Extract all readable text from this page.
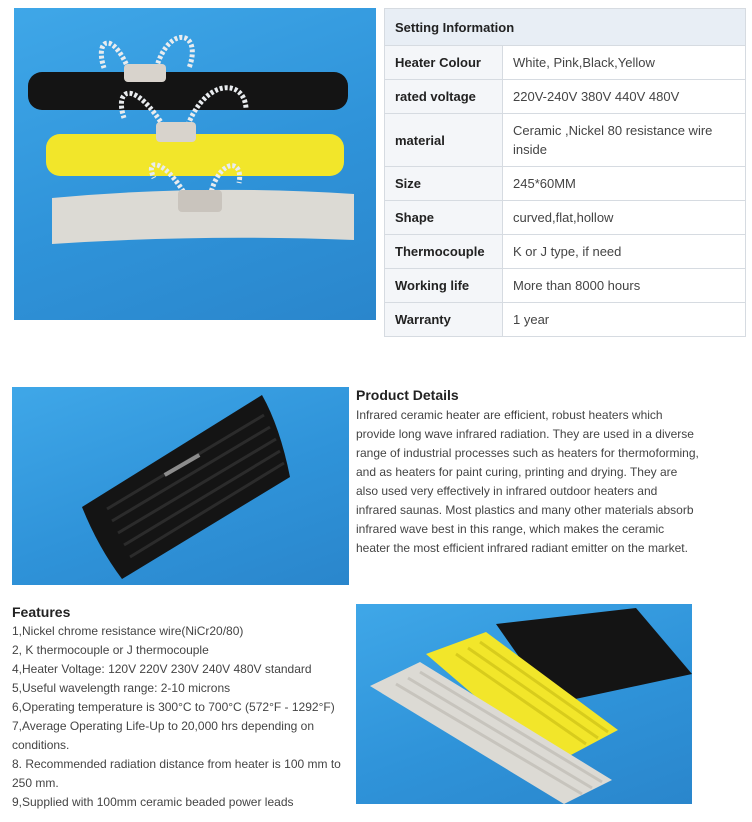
Setting Information	
Heater Colour	White, Pink,Black,Yellow
rated voltage	220V-240V 380V 440V 480V
material	Ceramic ,Nickel 80 resistance wire inside
Size	245*60MM
Shape	curved,flat,hollow
Thermocouple	K or J type, if need
Working life	More than 8000 hours
Warranty	1 year
Product Details

Infrared ceramic heater are efficient, robust heaters which provide long wave infrared radiation. They are used in a diverse range of industrial processes such as heaters for thermoforming, and as heaters for paint curing, printing and drying. They are also used very effectively in infrared outdoor heaters and infrared saunas. Most plastics and many other materials absorb infrared wave best in this range, which makes the ceramic heater the most efficient infrared radiant emitter on the market.

Features
1,Nickel chrome resistance wire(NiCr20/80)
2, K thermocouple or J thermocouple
4,Heater Voltage: 120V 220V 230V 240V 480V standard
5,Useful wavelength range: 2-10 microns
6,Operating temperature is 300°C to 700°C (572°F - 1292°F)
7,Average Operating Life-Up to 20,000 hrs depending on conditions.
8. Recommended radiation distance from heater is 100 mm to 250 mm.
9,Supplied with 100mm ceramic beaded power leads
